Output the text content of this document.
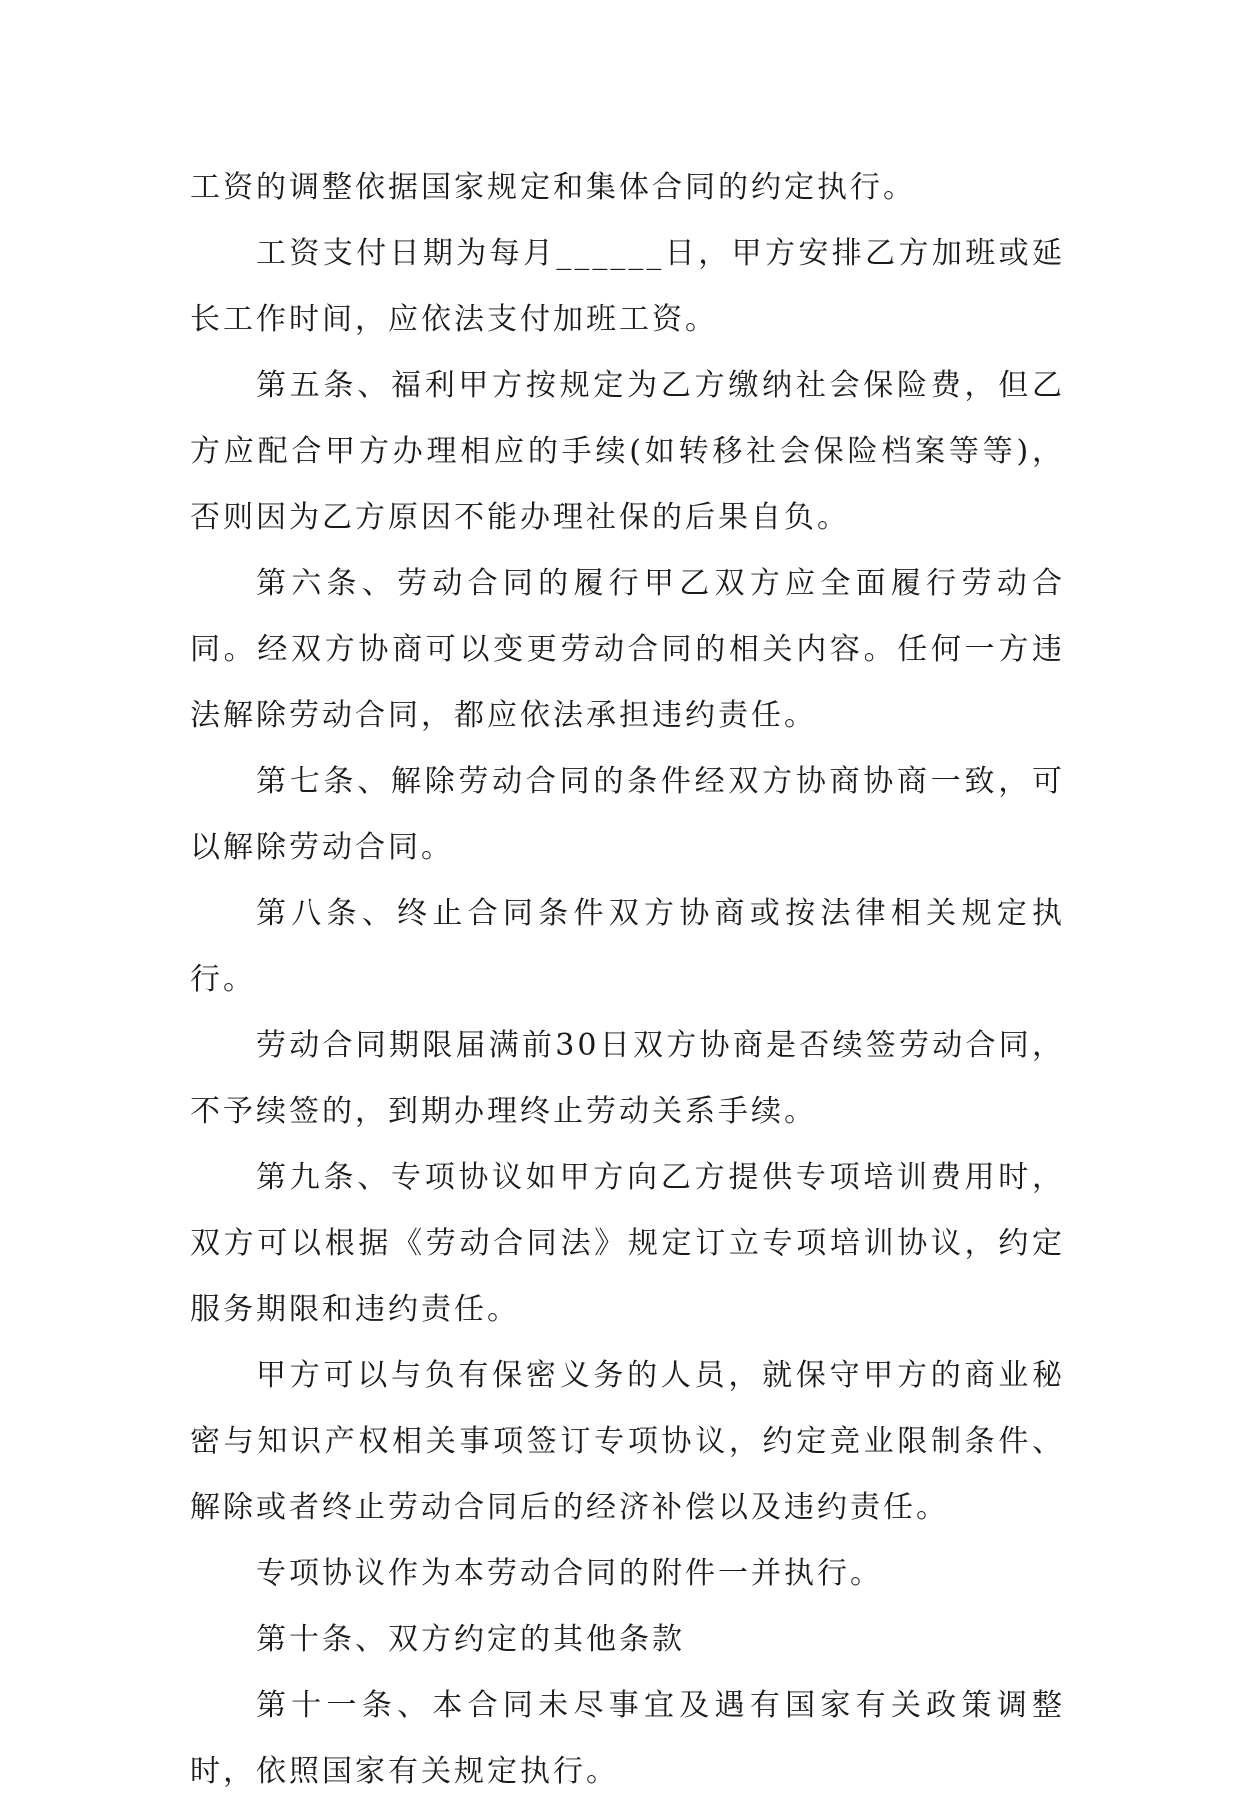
工资的调整依据国家规定和集体合同的约定执行。

工资支付日期为每月______日，甲方安排乙方加班或延长工作时间，应依法支付加班工资。

第五条、福利甲方按规定为乙方缴纳社会保险费，但乙方应配合甲方办理相应的手续(如转移社会保险档案等等)，否则因为乙方原因不能办理社保的后果自负。

第六条、劳动合同的履行甲乙双方应全面履行劳动合同。经双方协商可以变更劳动合同的相关内容。任何一方违法解除劳动合同，都应依法承担违约责任。

第七条、解除劳动合同的条件经双方协商协商一致，可以解除劳动合同。

第八条、终止合同条件双方协商或按法律相关规定执行。

劳动合同期限届满前30日双方协商是否续签劳动合同，不予续签的，到期办理终止劳动关系手续。

第九条、专项协议如甲方向乙方提供专项培训费用时，双方可以根据《劳动合同法》规定订立专项培训协议，约定服务期限和违约责任。

甲方可以与负有保密义务的人员，就保守甲方的商业秘密与知识产权相关事项签订专项协议，约定竞业限制条件、解除或者终止劳动合同后的经济补偿以及违约责任。

专项协议作为本劳动合同的附件一并执行。

第十条、双方约定的其他条款

第十一条、本合同未尽事宜及遇有国家有关政策调整时，依照国家有关规定执行。
